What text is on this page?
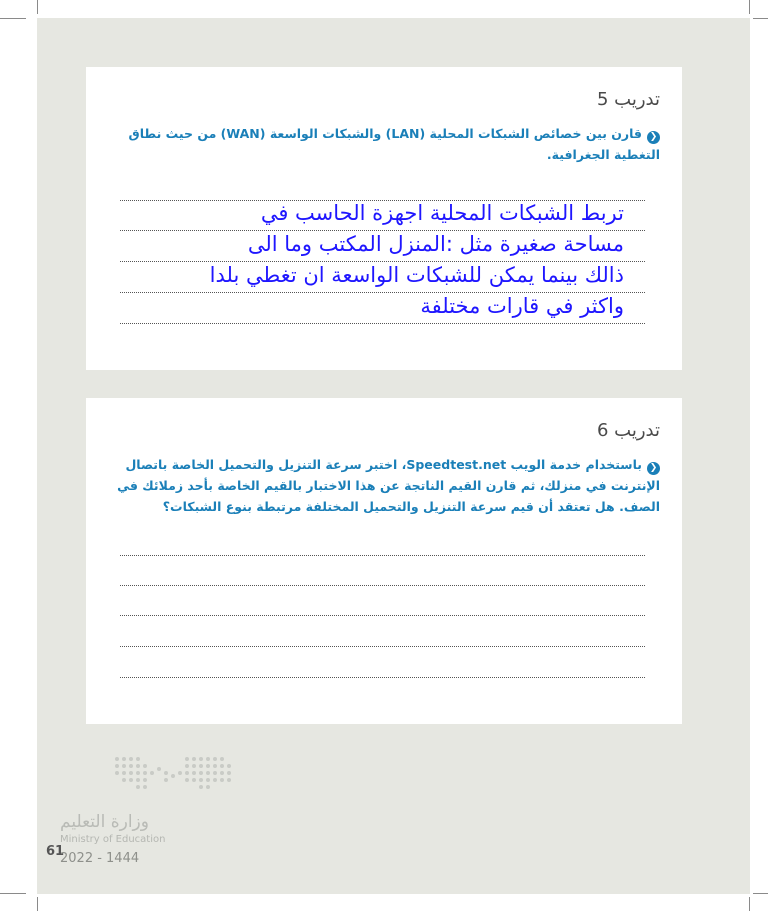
تدريب 5
❮قارن بين خصائص الشبكات المحلية (LAN) والشبكات الواسعة (WAN) من حيث نطاق التغطية الجغرافية.
تربط الشبكات المحلية اجهزة الحاسب في
مساحة صغيرة مثل :المنزل المكتب وما الى
ذالك بينما يمكن للشبكات الواسعة ان تغطي بلدا
واكثر في قارات مختلفة
تدريب 6
❮باستخدام خدمة الويب Speedtest.net، اختبر سرعة التنزيل والتحميل الخاصة باتصال الإنترنت في منزلك، ثم قارن القيم الناتجة عن هذا الاختبار بالقيم الخاصة بأحد زملائك في الصف. هل تعتقد أن قيم سرعة التنزيل والتحميل المختلفة مرتبطة بنوع الشبكات؟
وزارة التعليم
Ministry of Education
61
2022 - 1444
